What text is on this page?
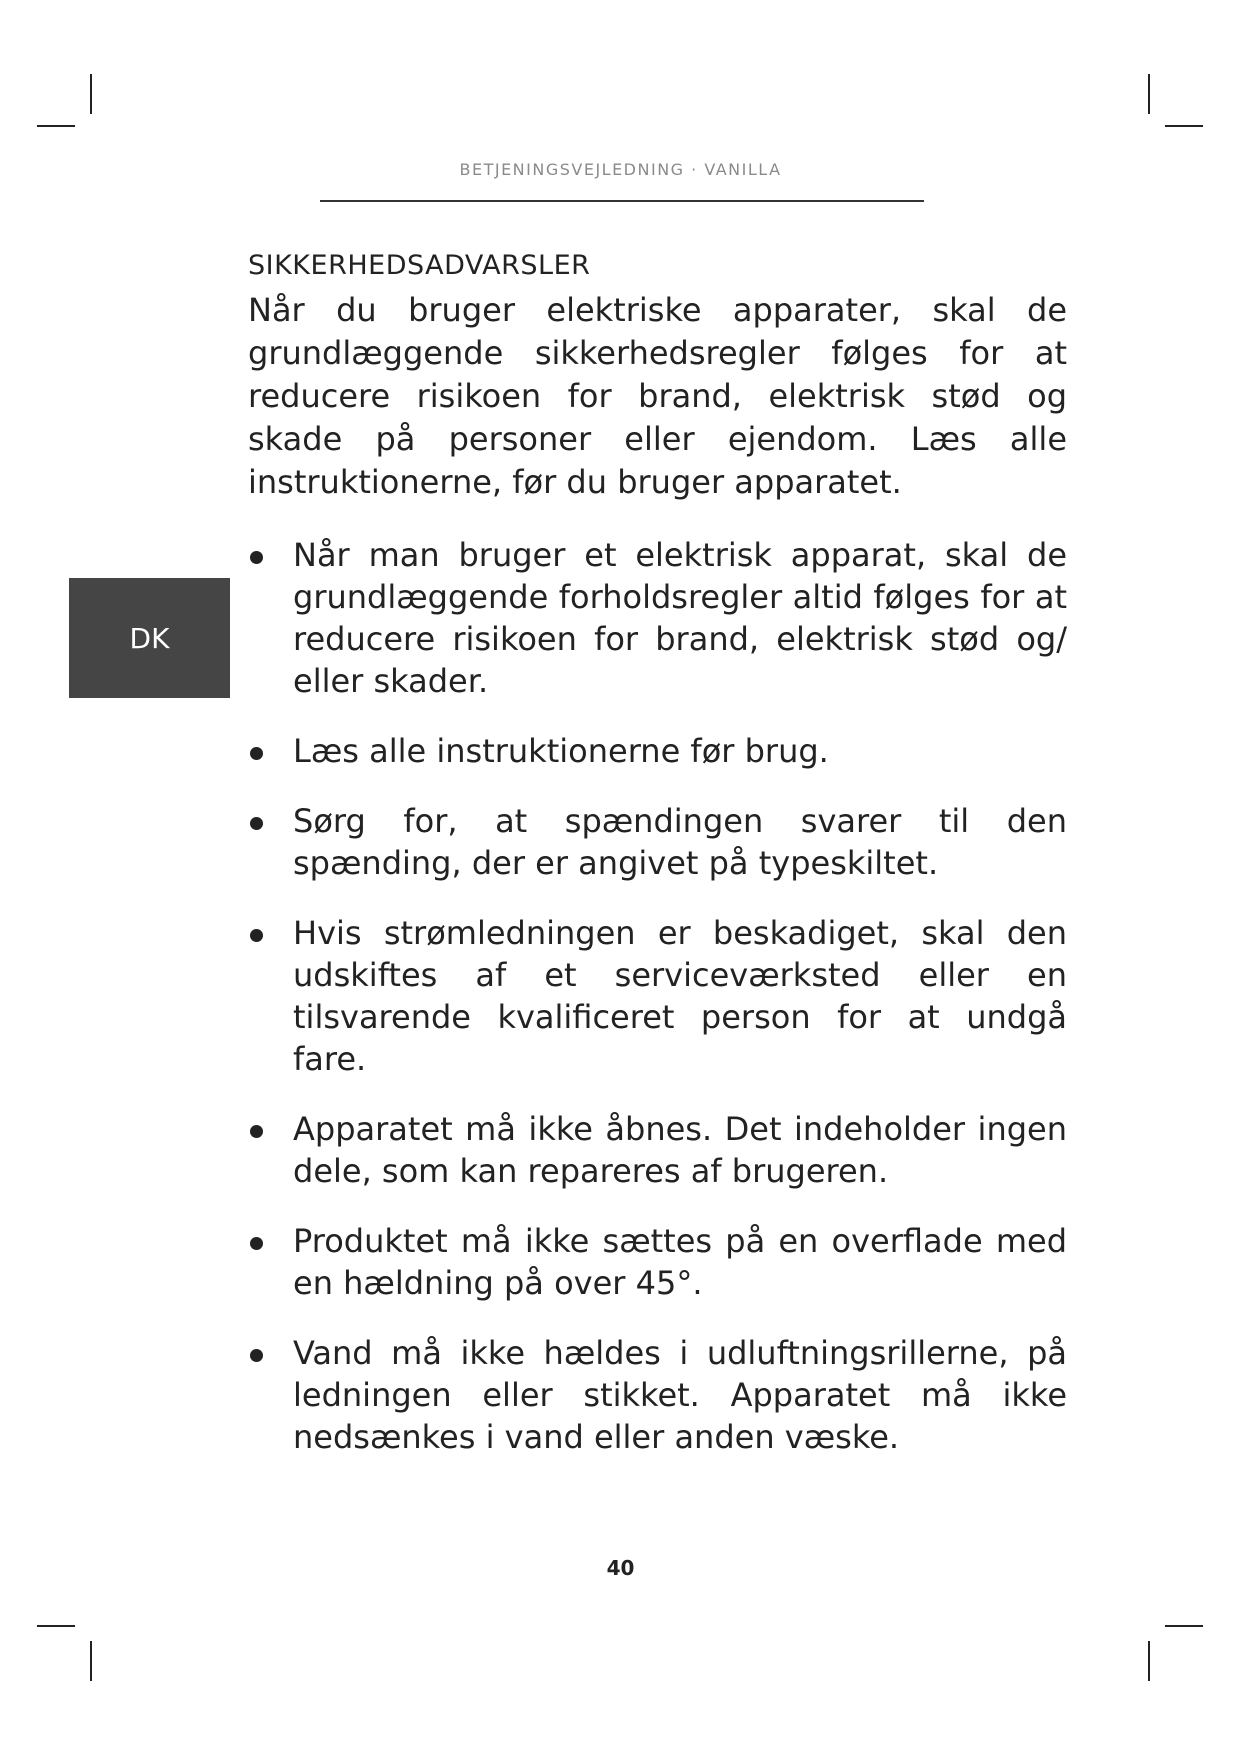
BETJENINGSVEJLEDNING · VANILLA
DK
SIKKERHEDSADVARSLER

Når du bruger elektriske apparater, skal de grundlæggende sikkerhedsregler følges for at reducere risikoen for brand, elektrisk stød og skade på personer eller ejendom. Læs alle instruktionerne, før du bruger apparatet.

Når man bruger et elektrisk apparat, skal de grundlæggende forholdsregler altid følges for at reducere risikoen for brand, elektrisk stød og/ eller skader.
Læs alle instruktionerne før brug.
Sørg for, at spændingen svarer til den spænding, der er angivet på typeskiltet.
Hvis strømledningen er beskadiget, skal den udskiftes af et serviceværksted eller en tilsvarende kvalificeret person for at undgå fare.
Apparatet må ikke åbnes. Det indeholder ingen dele, som kan repareres af brugeren.
Produktet må ikke sættes på en overflade med en hældning på over 45°.
Vand må ikke hældes i udluftningsrillerne, på ledningen eller stikket. Apparatet må ikke nedsænkes i vand eller anden væske.
40
